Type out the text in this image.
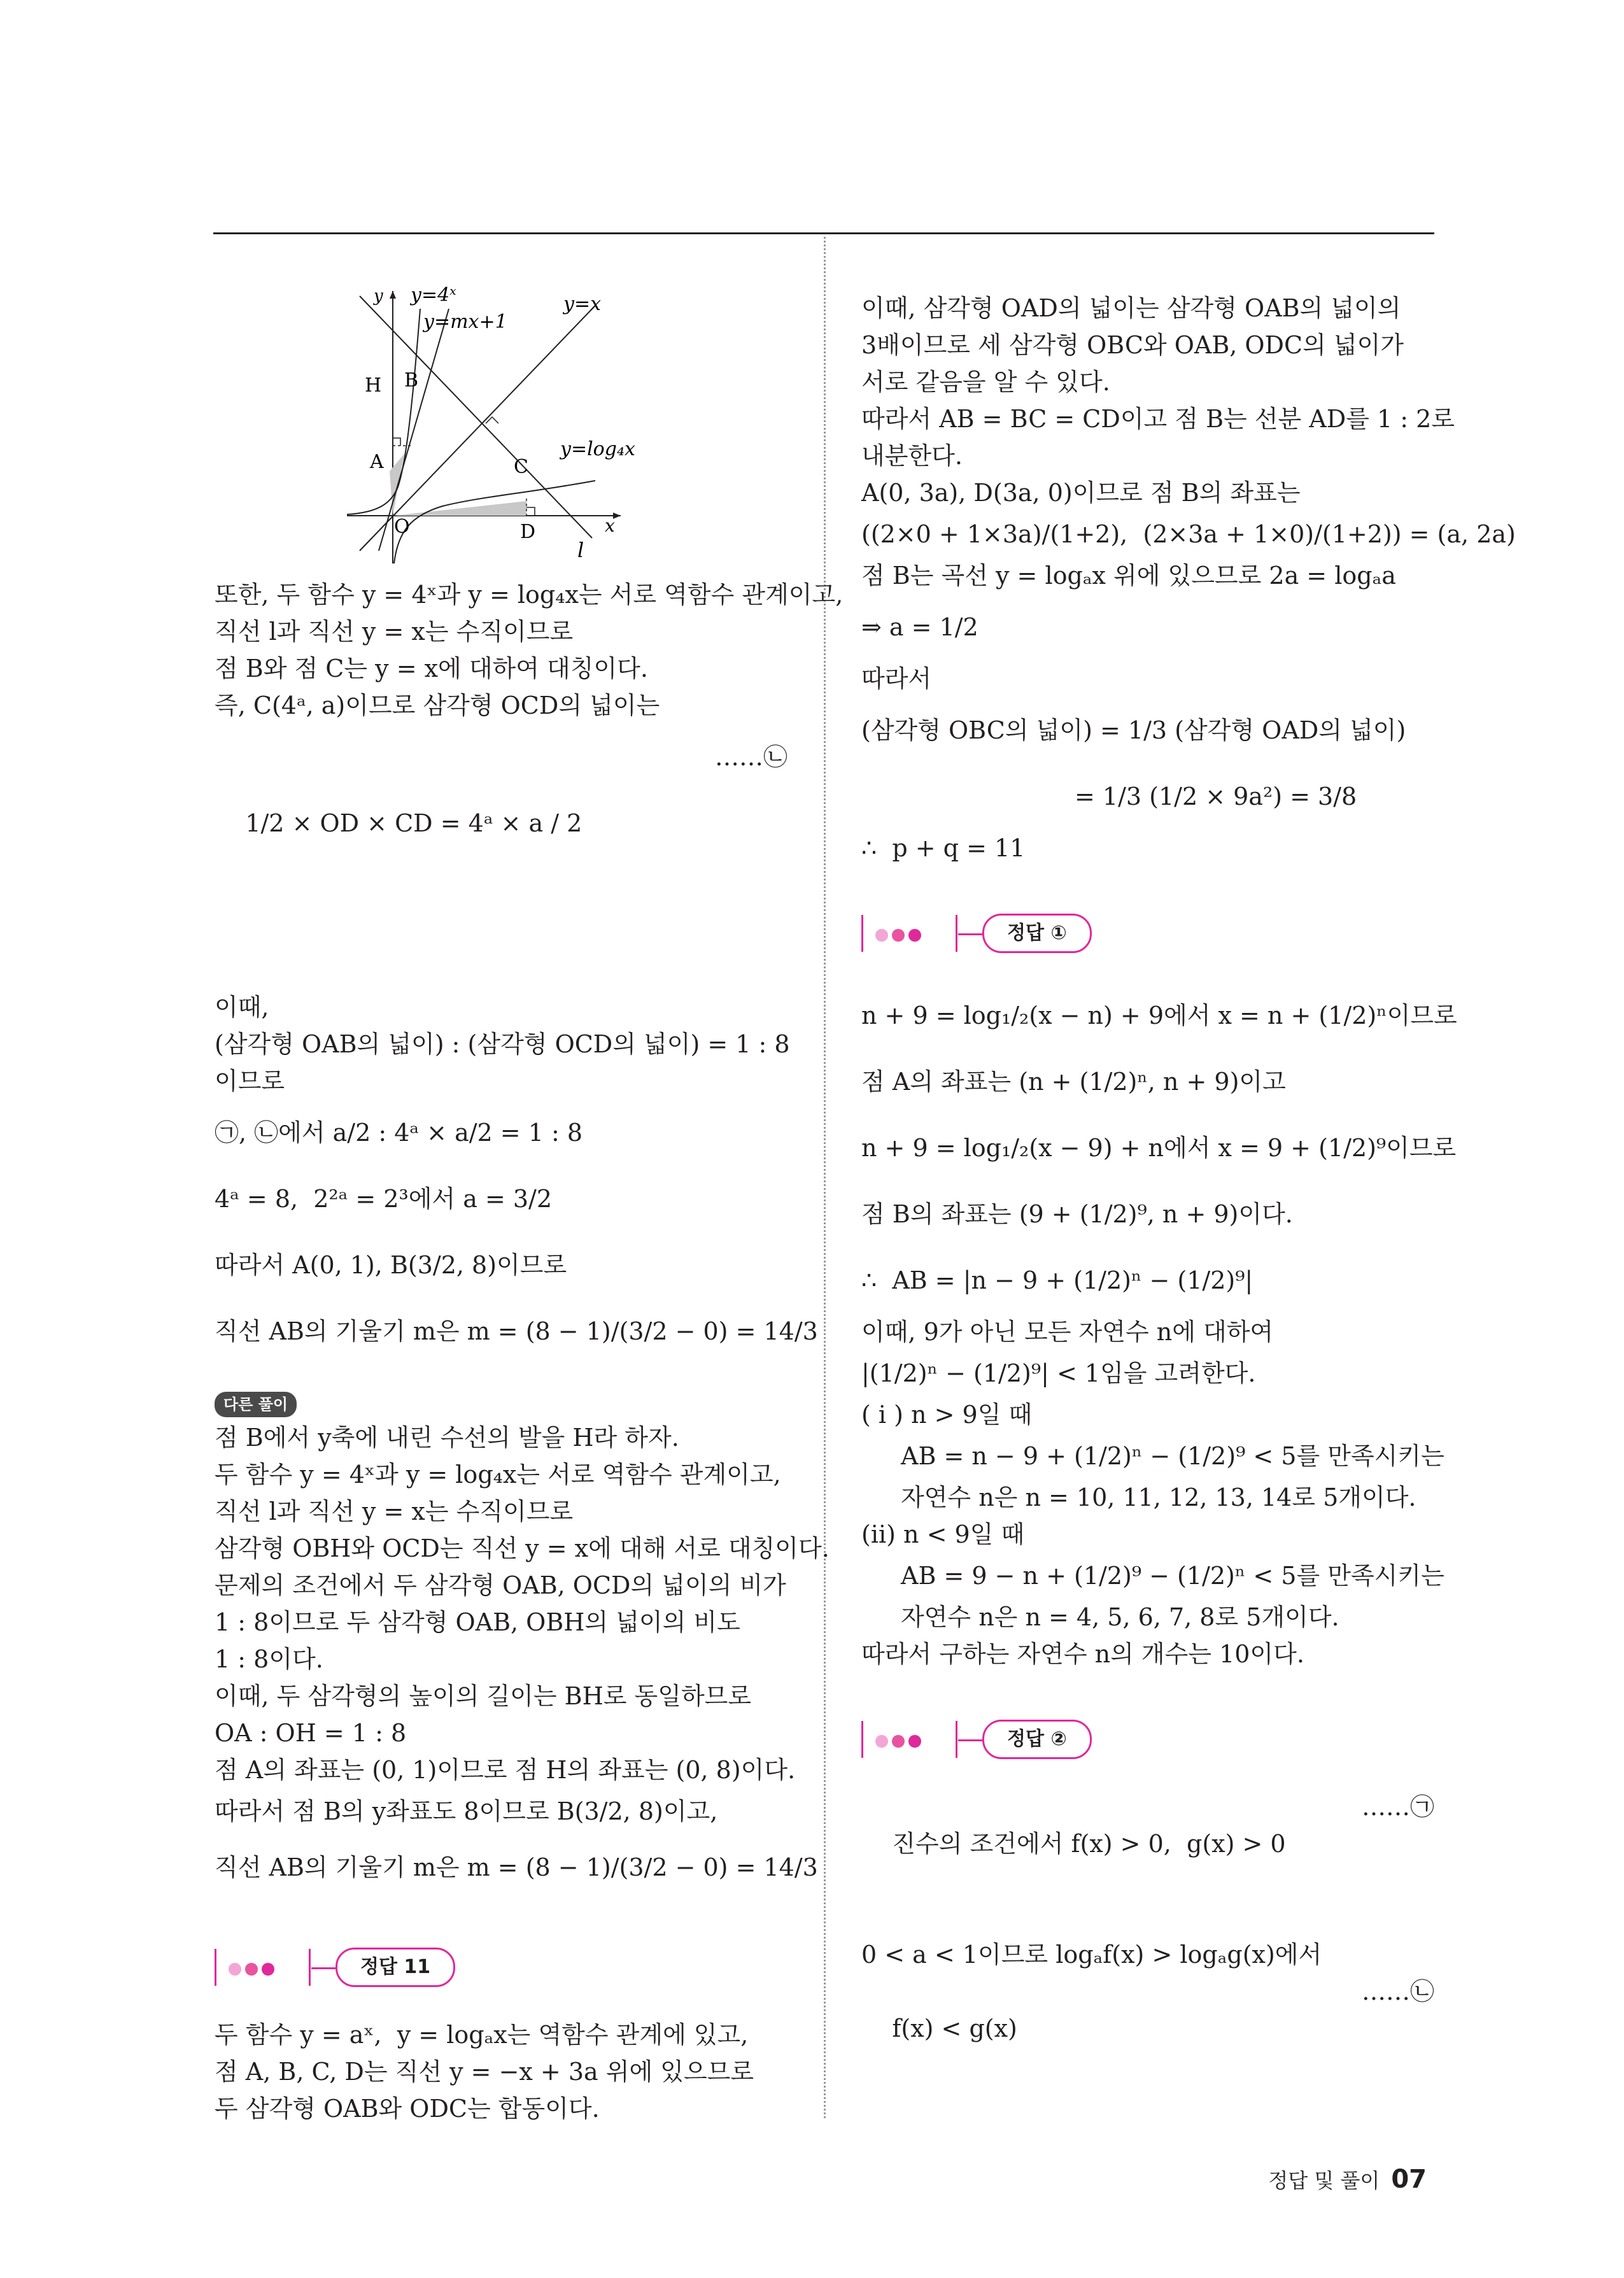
y y=4ˣ	y=x
y=mx+1
H B
A	C
y=log₄x
O	D	x
l
또한, 두 함수 y = 4ˣ과 y = log₄x는 서로 역함수 관계이고,
직선 l과 직선 y = x는 수직이므로
점 B와 점 C는 y = x에 대하여 대칭이다.
즉, C(4ᵃ, a)이므로 삼각형 OCD의 넓이는

1/2 × OD × CD = 4ᵃ × a / 2

……㉡

이때,
(삼각형 OAB의 넓이) : (삼각형 OCD의 넓이) = 1 : 8
이므로
㉠, ㉡에서 a/2 : 4ᵃ × a/2 = 1 : 8
4ᵃ = 8,  2²ᵃ = 2³에서 a = 3/2
따라서 A(0, 1), B(3/2, 8)이므로
직선 AB의 기울기 m은 m = (8 − 1)/(3/2 − 0) = 14/3
다른 풀이
점 B에서 y축에 내린 수선의 발을 H라 하자.
두 함수 y = 4ˣ과 y = log₄x는 서로 역함수 관계이고,
직선 l과 직선 y = x는 수직이므로
삼각형 OBH와 OCD는 직선 y = x에 대해 서로 대칭이다.
문제의 조건에서 두 삼각형 OAB, OCD의 넓이의 비가
1 : 8이므로 두 삼각형 OAB, OBH의 넓이의 비도
1 : 8이다.
이때, 두 삼각형의 높이의 길이는 BH로 동일하므로
OA : OH = 1 : 8
점 A의 좌표는 (0, 1)이므로 점 H의 좌표는 (0, 8)이다.
따라서 점 B의 y좌표도 8이므로 B(3/2, 8)이고,
직선 AB의 기울기 m은 m = (8 − 1)/(3/2 − 0) = 14/3
정답 11
두 함수 y = aˣ,  y = logₐx는 역함수 관계에 있고,
점 A, B, C, D는 직선 y = −x + 3a 위에 있으므로
두 삼각형 OAB와 ODC는 합동이다.
이때, 삼각형 OAD의 넓이는 삼각형 OAB의 넓이의
3배이므로 세 삼각형 OBC와 OAB, ODC의 넓이가
서로 같음을 알 수 있다.
따라서 AB = BC = CD이고 점 B는 선분 AD를 1 : 2로
내분한다.
A(0, 3a), D(3a, 0)이므로 점 B의 좌표는
((2×0 + 1×3a)/(1+2),  (2×3a + 1×0)/(1+2)) = (a, 2a)
점 B는 곡선 y = logₐx 위에 있으므로 2a = logₐa
⇒ a = 1/2
따라서
(삼각형 OBC의 넓이) = 1/3 (삼각형 OAD의 넓이)
= 1/3 (1/2 × 9a²) = 3/8
∴  p + q = 11
정답 ①
n + 9 = log₁/₂(x − n) + 9에서 x = n + (1/2)ⁿ이므로
점 A의 좌표는 (n + (1/2)ⁿ, n + 9)이고
n + 9 = log₁/₂(x − 9) + n에서 x = 9 + (1/2)⁹이므로
점 B의 좌표는 (9 + (1/2)⁹, n + 9)이다.
∴  AB = |n − 9 + (1/2)ⁿ − (1/2)⁹|
이때, 9가 아닌 모든 자연수 n에 대하여
|(1/2)ⁿ − (1/2)⁹| < 1임을 고려한다.
( i ) n > 9일 때
AB = n − 9 + (1/2)ⁿ − (1/2)⁹ < 5를 만족시키는
자연수 n은 n = 10, 11, 12, 13, 14로 5개이다.
(ii) n < 9일 때
AB = 9 − n + (1/2)⁹ − (1/2)ⁿ < 5를 만족시키는
자연수 n은 n = 4, 5, 6, 7, 8로 5개이다.
따라서 구하는 자연수 n의 개수는 10이다.
정답 ②

진수의 조건에서 f(x) > 0,  g(x) > 0

……㉠

0 < a < 1이므로 logₐf(x) > logₐg(x)에서

f(x) < g(x)

……㉡

정답 및 풀이 07
